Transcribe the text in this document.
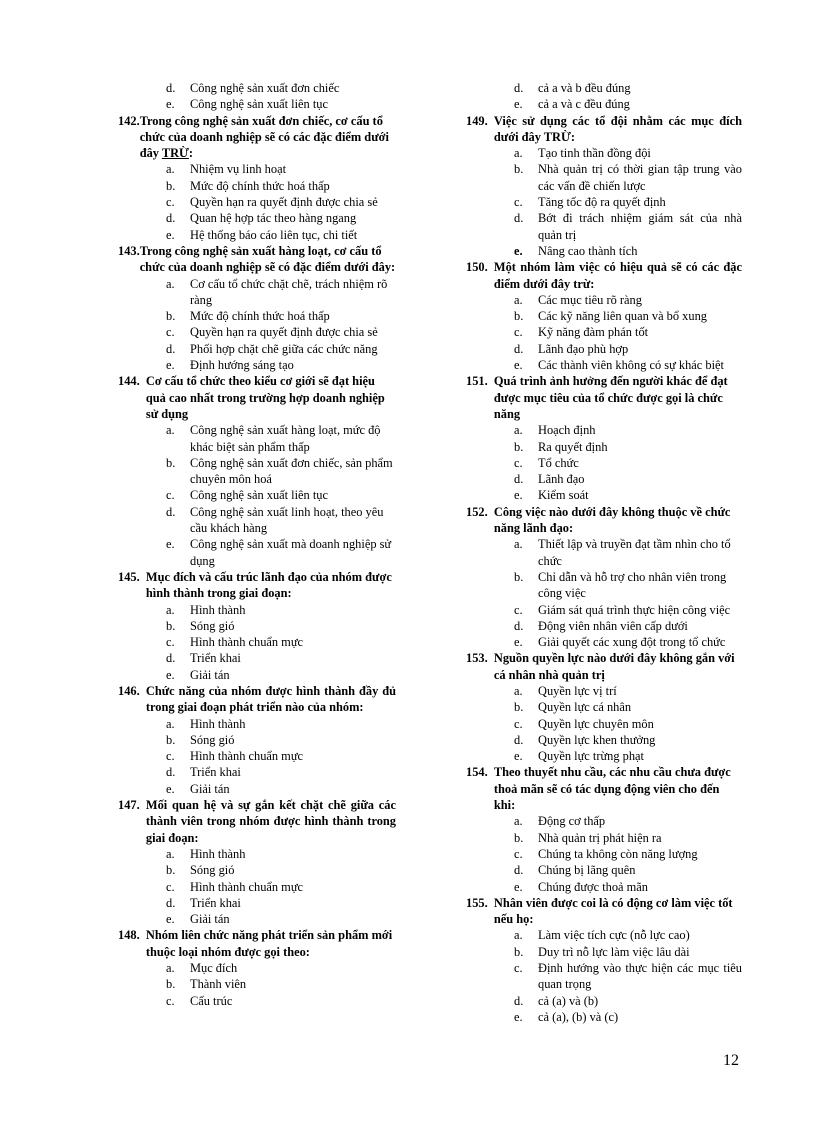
d.	Công nghệ sản xuất đơn chiếc
e.	Công nghệ sản xuất liên tục
142. Trong công nghệ sản xuất đơn chiếc, cơ cấu tổ chức của doanh nghiệp sẽ có các đặc điểm dưới đây TRỪ:
a.	Nhiệm vụ linh hoạt
b.	Mức độ chính thức hoá thấp
c.	Quyền hạn ra quyết định được chia sẻ
d.	Quan hệ hợp tác theo hàng ngang
e.	Hệ thống báo cáo liên tục, chi tiết
143. Trong công nghệ sản xuất hàng loạt, cơ cấu tổ chức của doanh nghiệp sẽ có đặc điểm dưới đây:
a.	Cơ cấu tổ chức chặt chẽ, trách nhiệm rõ ràng
b.	Mức độ chính thức hoá thấp
c.	Quyền hạn ra quyết định được chia sẻ
d.	Phối hợp chặt chẽ giữa các chức năng
e.	Định hướng sáng tạo
144. Cơ cấu tổ chức theo kiểu cơ giới sẽ đạt hiệu quả cao nhất trong trường hợp doanh nghiệp sử dụng
a.	Công nghệ sản xuất hàng loạt, mức độ khác biệt sản phẩm thấp
b.	Công nghệ sản xuất đơn chiếc, sản phẩm chuyên môn hoá
c.	Công nghệ sản xuất liên tục
d.	Công nghệ sản xuất linh hoạt, theo yêu cầu khách hàng
e.	Công nghệ sản xuất mà doanh nghiệp sử dụng
145. Mục đích và cấu trúc lãnh đạo của nhóm được hình thành trong giai đoạn:
a.	Hình thành
b.	Sóng gió
c.	Hình thành chuẩn mực
d.	Triển khai
e.	Giải tán
146. Chức năng của nhóm được hình thành đầy đủ trong giai đoạn phát triển nào của nhóm:
a.	Hình thành
b.	Sóng gió
c.	Hình thành chuẩn mực
d.	Triển khai
e.	Giải tán
147. Mối quan hệ và sự gắn kết chặt chẽ giữa các thành viên trong nhóm được hình thành trong giai đoạn:
a.	Hình thành
b.	Sóng gió
c.	Hình thành chuẩn mực
d.	Triển khai
e.	Giải tán
148. Nhóm liên chức năng phát triển sản phẩm mới thuộc loại nhóm được gọi theo:
a.	Mục đích
b.	Thành viên
c.	Cấu trúc
d.	cả a và b đều đúng
e.	cả a và c đều đúng
149. Việc sử dụng các tổ đội nhằm các mục đích dưới đây TRỪ:
a.	Tạo tinh thần đồng đội
b.	Nhà quản trị có thời gian tập trung vào các vấn đề chiến lược
c.	Tăng tốc độ ra quyết định
d.	Bớt đi trách nhiệm giám sát của nhà quản trị
e.	Nâng cao thành tích
150. Một nhóm làm việc có hiệu quả sẽ có các đặc điểm dưới đây trừ:
a.	Các mục tiêu rõ ràng
b.	Các kỹ năng liên quan và bổ xung
c.	Kỹ năng đàm phán tốt
d.	Lãnh đạo phù hợp
e.	Các thành viên không có sự khác biệt
151. Quá trình ảnh hưởng đến người khác để đạt được mục tiêu của tổ chức được gọi là chức năng
a.	Hoạch định
b.	Ra quyết định
c.	Tổ chức
d.	Lãnh đạo
e.	Kiểm soát
152. Công việc nào dưới đây không thuộc về chức năng lãnh đạo:
a.	Thiết lập và truyền đạt tầm nhìn cho tổ chức
b.	Chỉ dẫn và hỗ trợ cho nhân viên trong công việc
c.	Giám sát quá trình thực hiện công việc
d.	Động viên nhân viên cấp dưới
e.	Giải quyết các xung đột trong tổ chức
153. Nguồn quyền lực nào dưới đây không gắn với cá nhân nhà quản trị
a.	Quyền lực vị trí
b.	Quyền lực cá nhân
c.	Quyền lực chuyên môn
d.	Quyền lực khen thưởng
e.	Quyền lực trừng phạt
154. Theo thuyết nhu cầu, các nhu cầu chưa được thoả mãn sẽ có tác dụng động viên cho đến khi:
a.	Động cơ thấp
b.	Nhà quản trị phát hiện ra
c.	Chúng ta không còn năng lượng
d.	Chúng bị lãng quên
e.	Chúng được thoả mãn
155. Nhân viên được coi là có động cơ làm việc tốt nếu họ:
a.	Làm việc tích cực (nỗ lực cao)
b.	Duy trì nỗ lực làm việc lâu dài
c.	Định hướng vào thực hiện các mục tiêu quan trọng
d.	cả (a) và (b)
e.	cả (a), (b) và (c)
12
